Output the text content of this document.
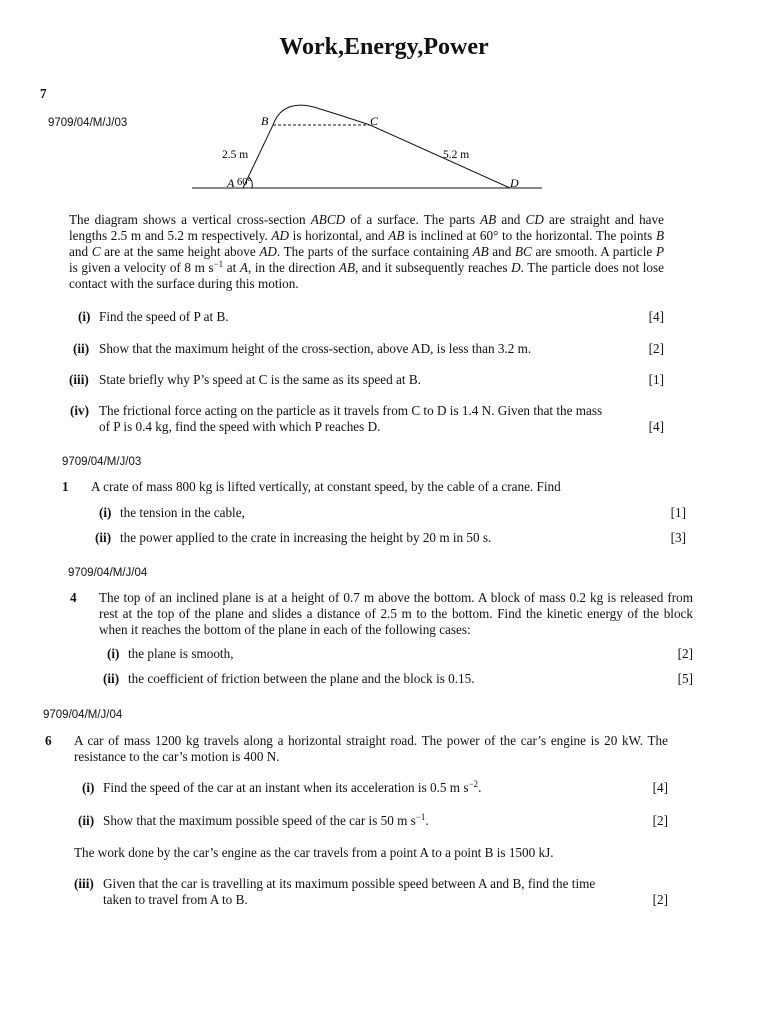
Work,Energy,Power
7
9709/04/M/J/03
A
B	C
D
2.5 m	5.2 m
60°
The diagram shows a vertical cross-section ABCD of a surface. The parts AB and CD are straight and have lengths 2.5 m and 5.2 m respectively. AD is horizontal, and AB is inclined at 60° to the horizontal. The points B and C are at the same height above AD. The parts of the surface containing AB and BC are smooth. A particle P is given a velocity of 8 m $s^{-1}$ at A, in the direction AB, and it subsequently reaches D. The particle does not lose contact with the surface during this motion.
(i) Find the speed of P at B.	[4]
(ii) Show that the maximum height of the cross-section, above AD, is less than 3.2 m.	[2]
(iii) State briefly why P’s speed at C is the same as its speed at B.	[1]
(iv) The frictional force acting on the particle as it travels from C to D is 1.4 N. Given that the mass of P is 0.4 kg, find the speed with which P reaches D.	[4]
9709/04/M/J/03
1 A crate of mass 800 kg is lifted vertically, at constant speed, by the cable of a crane. Find
(i) the tension in the cable,	[1]
(ii) the power applied to the crate in increasing the height by 20 m in 50 s.	[3]
9709/04/M/J/04
4 The top of an inclined plane is at a height of 0.7 m above the bottom. A block of mass 0.2 kg is released from rest at the top of the plane and slides a distance of 2.5 m to the bottom. Find the kinetic energy of the block when it reaches the bottom of the plane in each of the following cases:
(i) the plane is smooth,	[2]
(ii) the coefficient of friction between the plane and the block is 0.15.	[5]
9709/04/M/J/04
6 A car of mass 1200 kg travels along a horizontal straight road. The power of the car’s engine is 20 kW. The resistance to the car’s motion is 400 N.
(i) Find the speed of the car at an instant when its acceleration is 0.5 m $s^{-2}$.	[4]
(ii) Show that the maximum possible speed of the car is 50 m $s^{-1}$.	[2]
The work done by the car’s engine as the car travels from a point A to a point B is 1500 kJ.
(iii) Given that the car is travelling at its maximum possible speed between A and B, find the time taken to travel from A to B.	[2]
